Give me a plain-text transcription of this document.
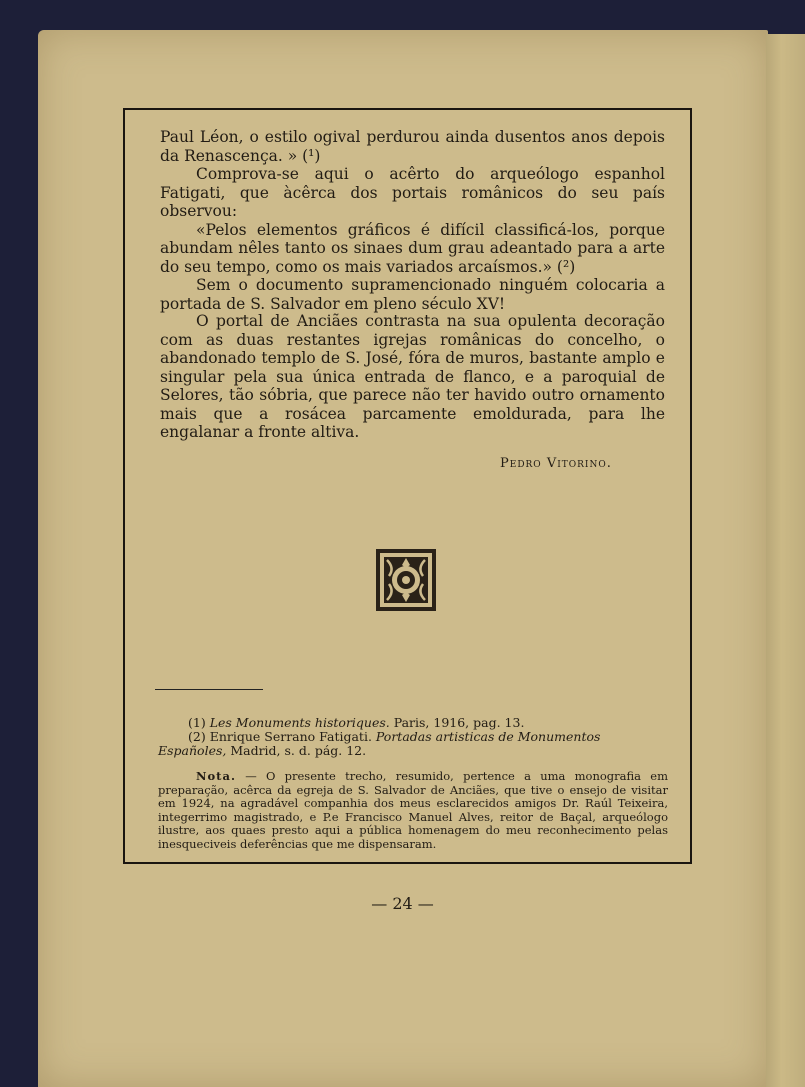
Paul Léon, o estilo ogival perdurou ainda dusentos anos depois da Renascença. » (¹)

Comprova-se aqui o acêrto do arqueólogo espanhol Fatigati, que àcêrca dos portais românicos do seu país observou:

«Pelos elementos gráficos é difícil classificá-los, porque abundam nêles tanto os sinaes dum grau adeantado para a arte do seu tempo, como os mais variados arcaísmos.» (²)

Sem o documento supramencionado ninguém colocaria a portada de S. Salvador em pleno século XV!

O portal de Anciães contrasta na sua opulenta decoração com as duas restantes igrejas românicas do concelho, o abandonado templo de S. José, fóra de muros, bastante amplo e singular pela sua única entrada de flanco, e a paroquial de Selores, tão sóbria, que parece não ter havido outro ornamento mais que a rosácea parcamente emoldurada, para lhe engalanar a fronte altiva.

Pedro Vitorino.

(1) Les Monuments historiques. Paris, 1916, pag. 13.

(2) Enrique Serrano Fatigati. Portadas artisticas de Monumentos Españoles, Madrid, s. d. pág. 12.

Nota. — O presente trecho, resumido, pertence a uma monografia em preparação, acêrca da egreja de S. Salvador de Anciães, que tive o ensejo de visitar em 1924, na agradável companhia dos meus esclarecidos amigos Dr. Raúl Teixeira, integerrimo magistrado, e P.e Francisco Manuel Alves, reitor de Baçal, arqueólogo ilustre, aos quaes presto aqui a pública homenagem do meu reconhecimento pelas inesqueciveis deferências que me dispensaram.
— 24 —
